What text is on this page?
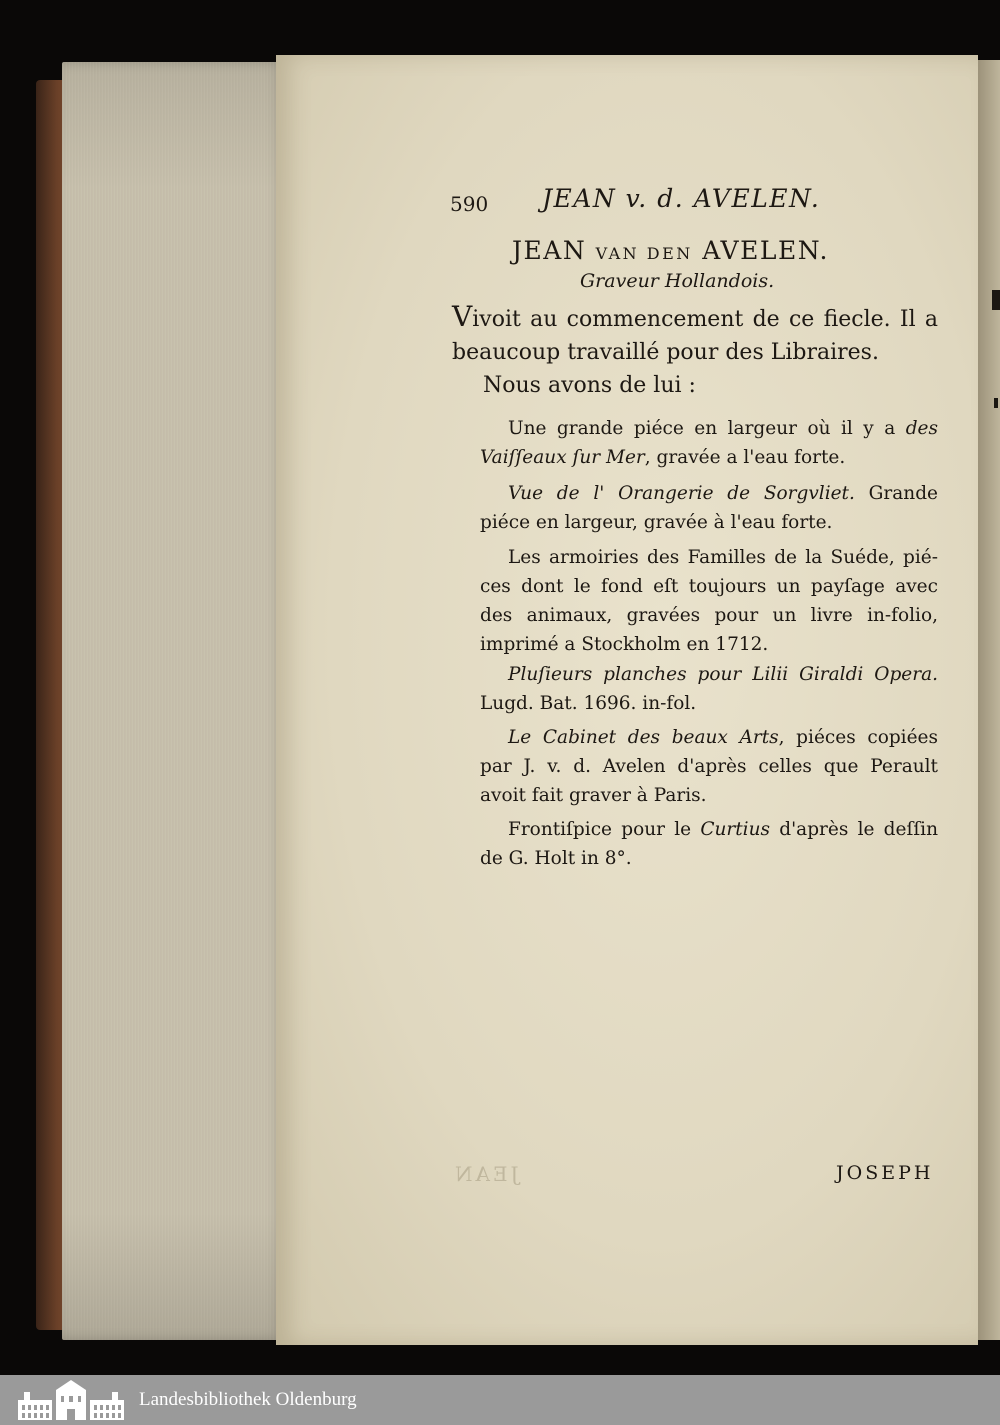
590 JEAN v. d. AVELEN.
JEAN VAN DEN AVELEN.
Graveur Hollandois.
Vivoit au commencement de ce fiecle. Il a
beaucoup travaillé pour des Libraires.
Nous avons de lui :
Une grande piéce en largeur où il y a des
Vaiſſeaux ſur Mer, gravée a l'eau forte.
Vue de l' Orangerie de Sorgvliet. Grande
piéce en largeur, gravée à l'eau forte.
Les armoiries des Familles de la Suéde, pié-
ces dont le fond eſt toujours un payſage avec
des animaux, gravées pour un livre in-folio,
imprimé a Stockholm en 1712.
Pluſieurs planches pour Lilii Giraldi Opera.
Lugd. Bat. 1696. in-fol.
Le Cabinet des beaux Arts, piéces copiées
par J. v. d. Avelen d'après celles que Perault
avoit fait graver à Paris.
Frontiſpice pour le Curtius d'après le deſſin
de G. Holt in 8°.
JEAN	JOSEPH
Landesbibliothek Oldenburg
